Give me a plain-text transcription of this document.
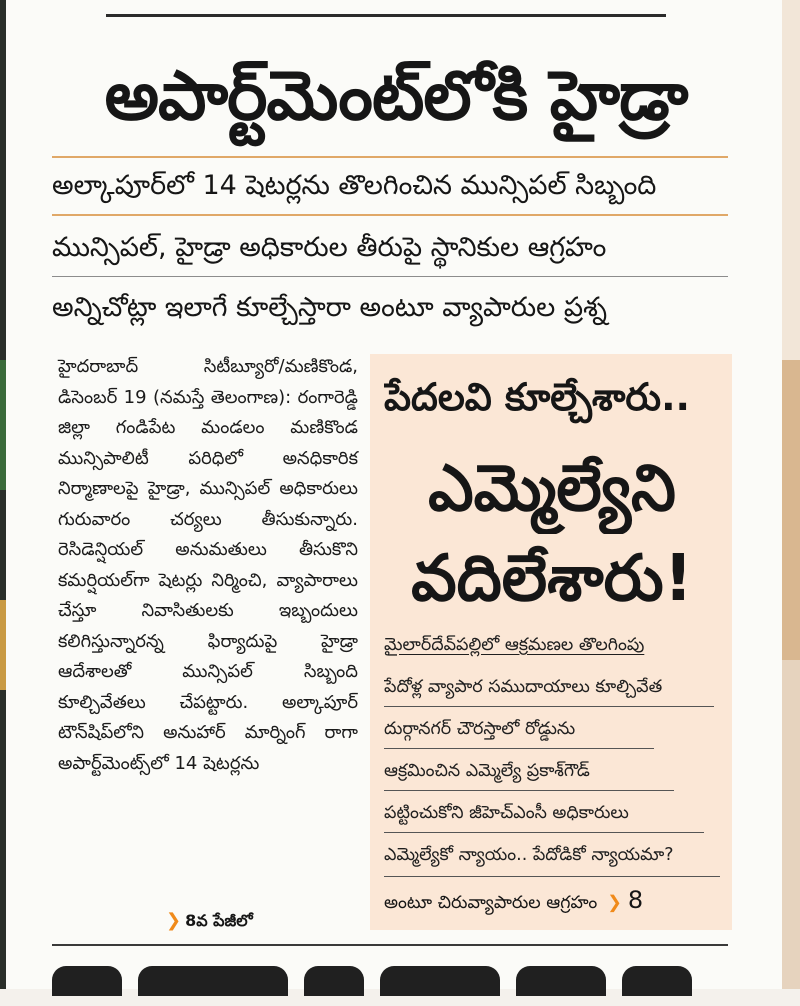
అపార్ట్‌మెంట్‌లోకి హైడ్రా
అల్కాపూర్‌లో 14 షెటర్లను తొలగించిన మున్సిపల్ సిబ్బంది
మున్సిపల్, హైడ్రా అధికారుల తీరుపై స్థానికుల ఆగ్రహం
అన్నిచోట్లా ఇలాగే కూల్చేస్తారా అంటూ వ్యాపారుల ప్రశ్న

హైదరాబాద్ సిటీబ్యూరో/మణికొండ, డిసెంబర్ 19 (నమస్తే తెలంగాణ): రంగారెడ్డి జిల్లా గండిపేట మండలం మణికొండ మున్సిపాలిటీ పరిధిలో అనధికారిక నిర్మాణాలపై హైడ్రా, మున్సిపల్ అధికారులు గురువారం చర్యలు తీసుకున్నారు. రెసిడెన్షియల్ అనుమతులు తీసుకొని కమర్షియల్‌గా షెటర్లు నిర్మించి, వ్యాపారాలు చేస్తూ నివాసితులకు ఇబ్బందులు కలిగిస్తున్నారన్న ఫిర్యాదుపై హైడ్రా ఆదేశాలతో మున్సిపల్ సిబ్బంది కూల్చివేతలు చేపట్టారు. అల్కాపూర్ టౌన్‌షిప్‌లోని అనుహార్ మార్నింగ్ రాగా అపార్ట్‌మెంట్స్‌లో 14 షెటర్లను

❯ 8వ పేజీలో
పేదలవి కూల్చేశారు..
ఎమ్మెల్యేని
వదిలేశారు!
మైలార్‌దేవ్‌పల్లిలో ఆక్రమణల తొలగింపు
పేదోళ్ల వ్యాపార సముదాయాలు కూల్చివేత
దుర్గానగర్ చౌరస్తాలో రోడ్డును
ఆక్రమించిన ఎమ్మెల్యే ప్రకాశ్‌గౌడ్
పట్టించుకోని జీహెచ్‌ఎంసీ అధికారులు
ఎమ్మెల్యేకో న్యాయం.. పేదోడికో న్యాయమా?
అంటూ చిరువ్యాపారుల ఆగ్రహం ❯ 8
